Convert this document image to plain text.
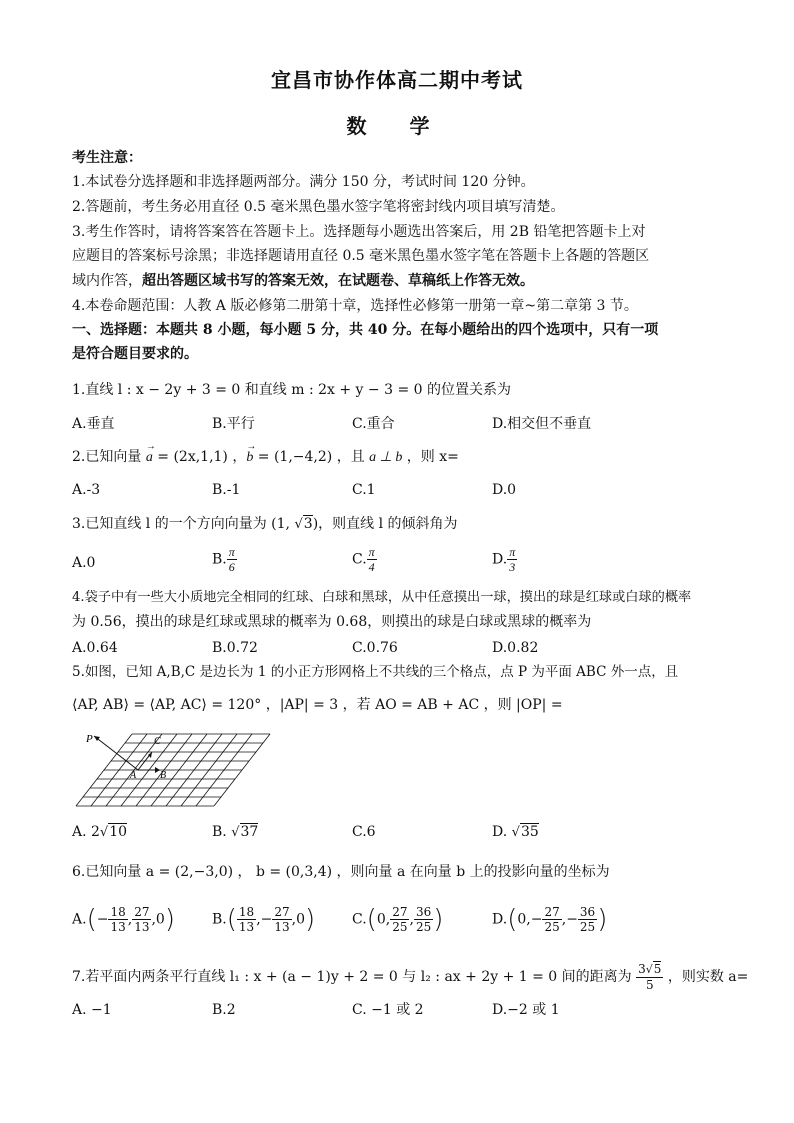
宜昌市协作体高二期中考试
数 学
考生注意：
1.本试卷分选择题和非选择题两部分。满分 150 分，考试时间 120 分钟。
2.答题前，考生务必用直径 0.5 毫米黑色墨水签字笔将密封线内项目填写清楚。
3.考生作答时，请将答案答在答题卡上。选择题每小题选出答案后，用 2B 铅笔把答题卡上对
应题目的答案标号涂黑；非选择题请用直径 0.5 毫米黑色墨水签字笔在答题卡上各题的答题区
域内作答，超出答题区域书写的答案无效，在试题卷、草稿纸上作答无效。
4.本卷命题范围：人教 A 版必修第二册第十章，选择性必修第一册第一章~第二章第 3 节。
一、选择题：本题共 8 小题，每小题 5 分，共 40 分。在每小题给出的四个选项中，只有一项
是符合题目要求的。
1.直线 l : x − 2y + 3 = 0 和直线 m : 2x + y − 3 = 0 的位置关系为
A.垂直	B.平行	C.重合	D.相交但不垂直
2.已知向量 → a = (2x,1,1) ，→ b = (1,−4,2) ，且 a ⊥ b ，则 x=
A.-3	B.-1	C.1	D.0
3.已知直线 l 的一个方向向量为 (1, √3)，则直线 l 的倾斜角为
A.0	B. $\frac{\pi}{6}$	C. $\frac{\pi}{4}$	D. $\frac{\pi}{3}$
4.袋子中有一些大小质地完全相同的红球、白球和黑球，从中任意摸出一球，摸出的球是红球或白球的概率
为 0.56，摸出的球是红球或黑球的概率为 0.68，则摸出的球是白球或黑球的概率为
A.0.64	B.0.72	C.0.76	D.0.82
5.如图，已知 A,B,C 是边长为 1 的小正方形网格上不共线的三个格点，点 P 为平面 ABC 外一点，且
⟨AP, AB⟩ = ⟨AP, AC⟩ = 120° ，|AP| = 3 ，若 AO = AB + AC ，则 |OP| =
P	C
A B
A. 2√10	B. √37	C.6	D. √35
6.已知向量 a = (2,−3,0) ， b = (0,3,4) ，则向量 a 在向量 b 上的投影向量的坐标为
$A.(- \frac{18}{13}$ , $\frac{27}{13} ,0$)	$B.( \frac{18}{13}$ ,− $\frac{27}{13} ,0$)	C.(0, $\frac{27}{25}$ , $\frac{36}{25}$ )	$D.(0,- \frac{27}{25}$ ,− $\frac{36}{25}$ )
7.若平面内两条平行直线 l₁ : x + (a − 1)y + 2 = 0 与 l₂ : ax + 2y + 1 = 0 间的距离为 $\frac{3√5}{5}$ ，则实数 a=
A. −1	B.2	C. −1 或 2	D.−2 或 1
